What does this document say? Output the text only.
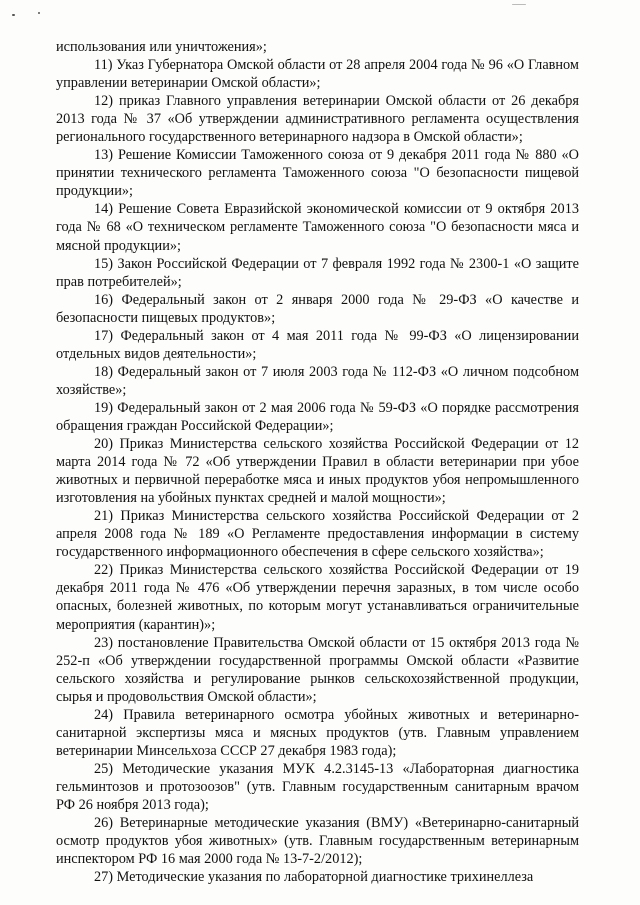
использования или уничтожения»;

11) Указ Губернатора Омской области от 28 апреля 2004 года № 96 «О Главном управлении ветеринарии Омской области»;

12) приказ Главного управления ветеринарии Омской области от 26 декабря 2013 года № 37 «Об утверждении административного регламента осуществления регионального государственного ветеринарного надзора в Омской области»;

13) Решение Комиссии Таможенного союза от 9 декабря 2011 года № 880 «О принятии технического регламента Таможенного союза "О безопасности пищевой продукции»;

14) Решение Совета Евразийской экономической комиссии от 9 октября 2013 года № 68 «О техническом регламенте Таможенного союза "О безопасности мяса и мясной продукции»;

15) Закон Российской Федерации от 7 февраля 1992 года № 2300-1 «О защите прав потребителей»;

16) Федеральный закон от 2 января 2000 года № 29-ФЗ «О качестве и безопасности пищевых продуктов»;

17) Федеральный закон от 4 мая 2011 года № 99-ФЗ «О лицензировании отдельных видов деятельности»;

18) Федеральный закон от 7 июля 2003 года № 112-ФЗ «О личном подсобном хозяйстве»;

19) Федеральный закон от 2 мая 2006 года № 59-ФЗ «О порядке рассмотрения обращения граждан Российской Федерации»;

20) Приказ Министерства сельского хозяйства Российской Федерации от 12 марта 2014 года № 72 «Об утверждении Правил в области ветеринарии при убое животных и первичной переработке мяса и иных продуктов убоя непромышленного изготовления на убойных пунктах средней и малой мощности»;

21) Приказ Министерства сельского хозяйства Российской Федерации от 2 апреля 2008 года № 189 «О Регламенте предоставления информации в систему государственного информационного обеспечения в сфере сельского хозяйства»;

22) Приказ Министерства сельского хозяйства Российской Федерации от 19 декабря 2011 года № 476 «Об утверждении перечня заразных, в том числе особо опасных, болезней животных, по которым могут устанавливаться ограничительные мероприятия (карантин)»;

23) постановление Правительства Омской области от 15 октября 2013 года № 252-п «Об утверждении государственной программы Омской области «Развитие сельского хозяйства и регулирование рынков сельскохозяйственной продукции, сырья и продовольствия Омской области»;

24) Правила ветеринарного осмотра убойных животных и ветеринарно-санитарной экспертизы мяса и мясных продуктов (утв. Главным управлением ветеринарии Минсельхоза СССР 27 декабря 1983 года);

25) Методические указания МУК 4.2.3145-13 «Лабораторная диагностика гельминтозов и протозоозов" (утв. Главным государственным санитарным врачом РФ 26 ноября 2013 года);

26) Ветеринарные методические указания (ВМУ) «Ветеринарно-санитарный осмотр продуктов убоя животных» (утв. Главным государственным ветеринарным инспектором РФ 16 мая 2000 года № 13-7-2/2012);

27) Методические указания по лабораторной диагностике трихинеллеза
